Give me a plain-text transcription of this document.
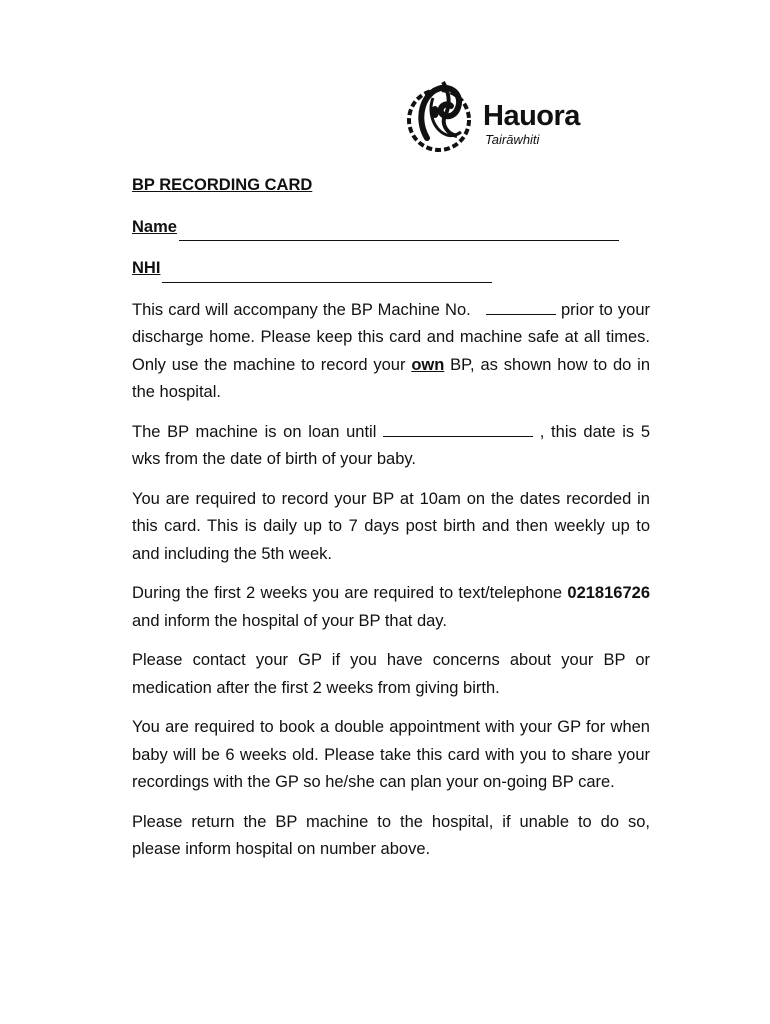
Hauora
Tairāwhiti
BP RECORDING CARD
Name
NHI

This card will accompany the BP Machine No.	prior to your discharge home. Please keep this card and machine safe at all times. Only use the machine to record your own BP, as shown how to do in the hospital.

The BP machine is on loan until	, this date is 5 wks from the date of birth of your baby.

You are required to record your BP at 10am on the dates recorded in this card. This is daily up to 7 days post birth and then weekly up to and including the 5th week.

During the first 2 weeks you are required to text/telephone 021816726 and inform the hospital of your BP that day.

Please contact your GP if you have concerns about your BP or medication after the first 2 weeks from giving birth.

You are required to book a double appointment with your GP for when baby will be 6 weeks old. Please take this card with you to share your recordings with the GP so he/she can plan your on-going BP care.

Please return the BP machine to the hospital, if unable to do so, please inform hospital on number above.
